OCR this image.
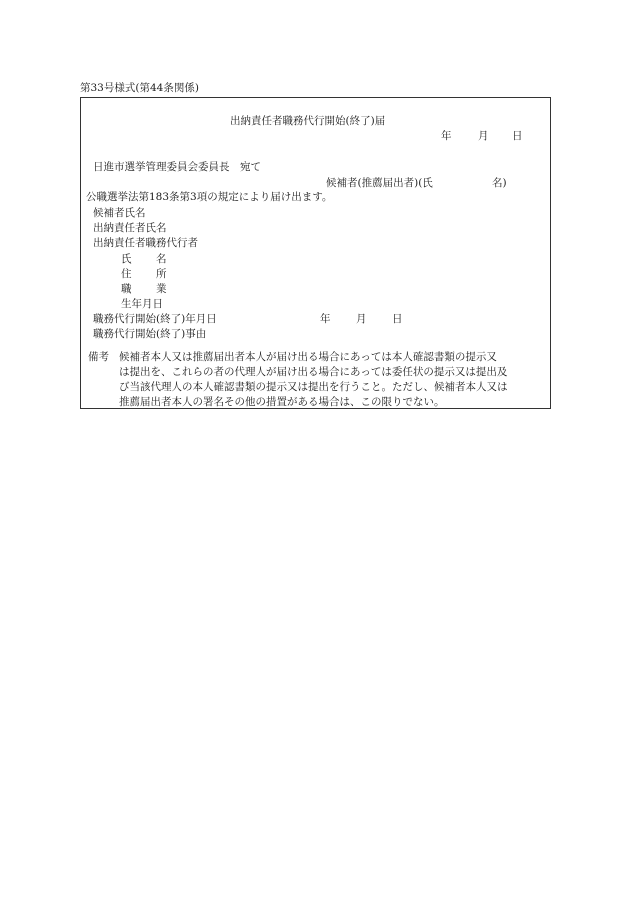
第33号様式(第44条関係)

出納責任者職務代行開始(終了)届

年	月 日

日進市選挙管理委員会委員長　宛て

候補者(推薦届出者)(氏	名)

公職選挙法第183条第3項の規定により届け出ます。

候補者氏名

出納責任者氏名

出納責任者職務代行者

氏 名

住 所

職 業

生年月日

職務代行開始(終了)年月日	年 月 日

職務代行開始(終了)事由

備考 候補者本人又は推薦届出者本人が届け出る場合にあっては本人確認書類の提示又

は提出を、これらの者の代理人が届け出る場合にあっては委任状の提示又は提出及

び当該代理人の本人確認書類の提示又は提出を行うこと。ただし、候補者本人又は

推薦届出者本人の署名その他の措置がある場合は、この限りでない。
